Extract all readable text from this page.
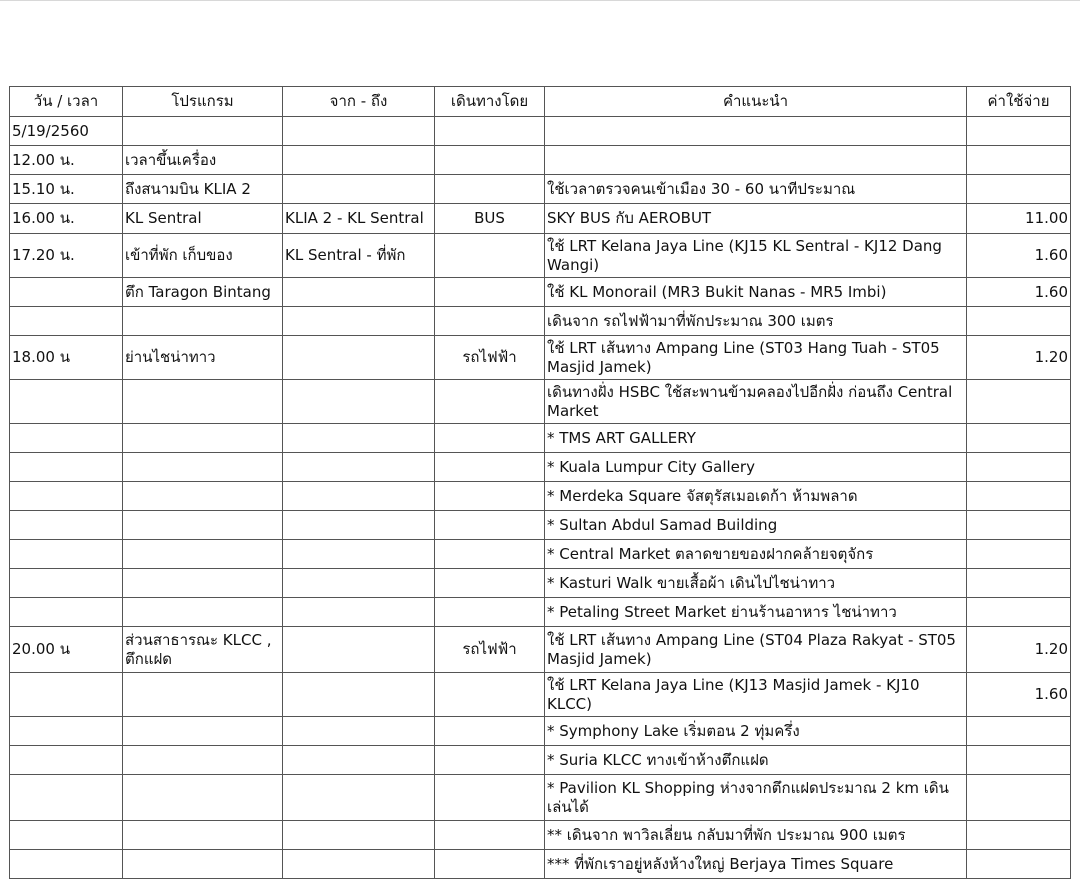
วัน / เวลา	โปรแกรม	จาก - ถึง	เดินทางโดย	คำแนะนำ	ค่าใช้จ่าย
5/19/2560					
12.00 น.	เวลาขึ้นเครื่อง				
15.10 น.	ถึงสนามบิน KLIA 2			ใช้เวลาตรวจคนเข้าเมือง 30 - 60 นาทีประมาณ	
16.00 น.	KL Sentral	KLIA 2 - KL Sentral	BUS	SKY BUS กับ AEROBUT	11.00
17.20 น.	เข้าที่พัก เก็บของ	KL Sentral - ที่พัก		ใช้ LRT Kelana Jaya Line (KJ15 KL Sentral - KJ12 Dang Wangi)	1.60
	ตึก Taragon Bintang			ใช้ KL Monorail (MR3 Bukit Nanas - MR5 Imbi)	1.60
				เดินจาก รถไฟฟ้ามาที่พักประมาณ 300 เมตร	
18.00 น	ย่านไชน่าทาว		รถไฟฟ้า	ใช้ LRT เส้นทาง Ampang Line (ST03 Hang Tuah - ST05 Masjid Jamek)	1.20
				เดินทางฝั่ง HSBC ใช้สะพานข้ามคลองไปอีกฝั่ง ก่อนถึง Central Market	
				* TMS ART GALLERY	
				* Kuala Lumpur City Gallery	
				* Merdeka Square จัสตุรัสเมอเดก้า ห้ามพลาด	
				* Sultan Abdul Samad Building	
				* Central Market ตลาดขายของฝากคล้ายจตุจักร	
				* Kasturi Walk ขายเสื้อผ้า เดินไปไชน่าทาว	
				* Petaling Street Market ย่านร้านอาหาร ไชน่าทาว	
20.00 น	ส่วนสาธารณะ KLCC , ตึกแฝด		รถไฟฟ้า	ใช้ LRT เส้นทาง Ampang Line (ST04 Plaza Rakyat - ST05 Masjid Jamek)	1.20
				ใช้ LRT Kelana Jaya Line (KJ13 Masjid Jamek - KJ10 KLCC)	1.60
				* Symphony Lake เริ่มตอน 2 ทุ่มครึ่ง	
				* Suria KLCC ทางเข้าห้างตึกแฝด	
				* Pavilion KL Shopping ห่างจากตึกแฝดประมาณ 2 km เดินเล่นได้	
				** เดินจาก พาวิลเลี่ยน กลับมาที่พัก ประมาณ 900 เมตร	
				*** ที่พักเราอยู่หลังห้างใหญ่ Berjaya Times Square	
